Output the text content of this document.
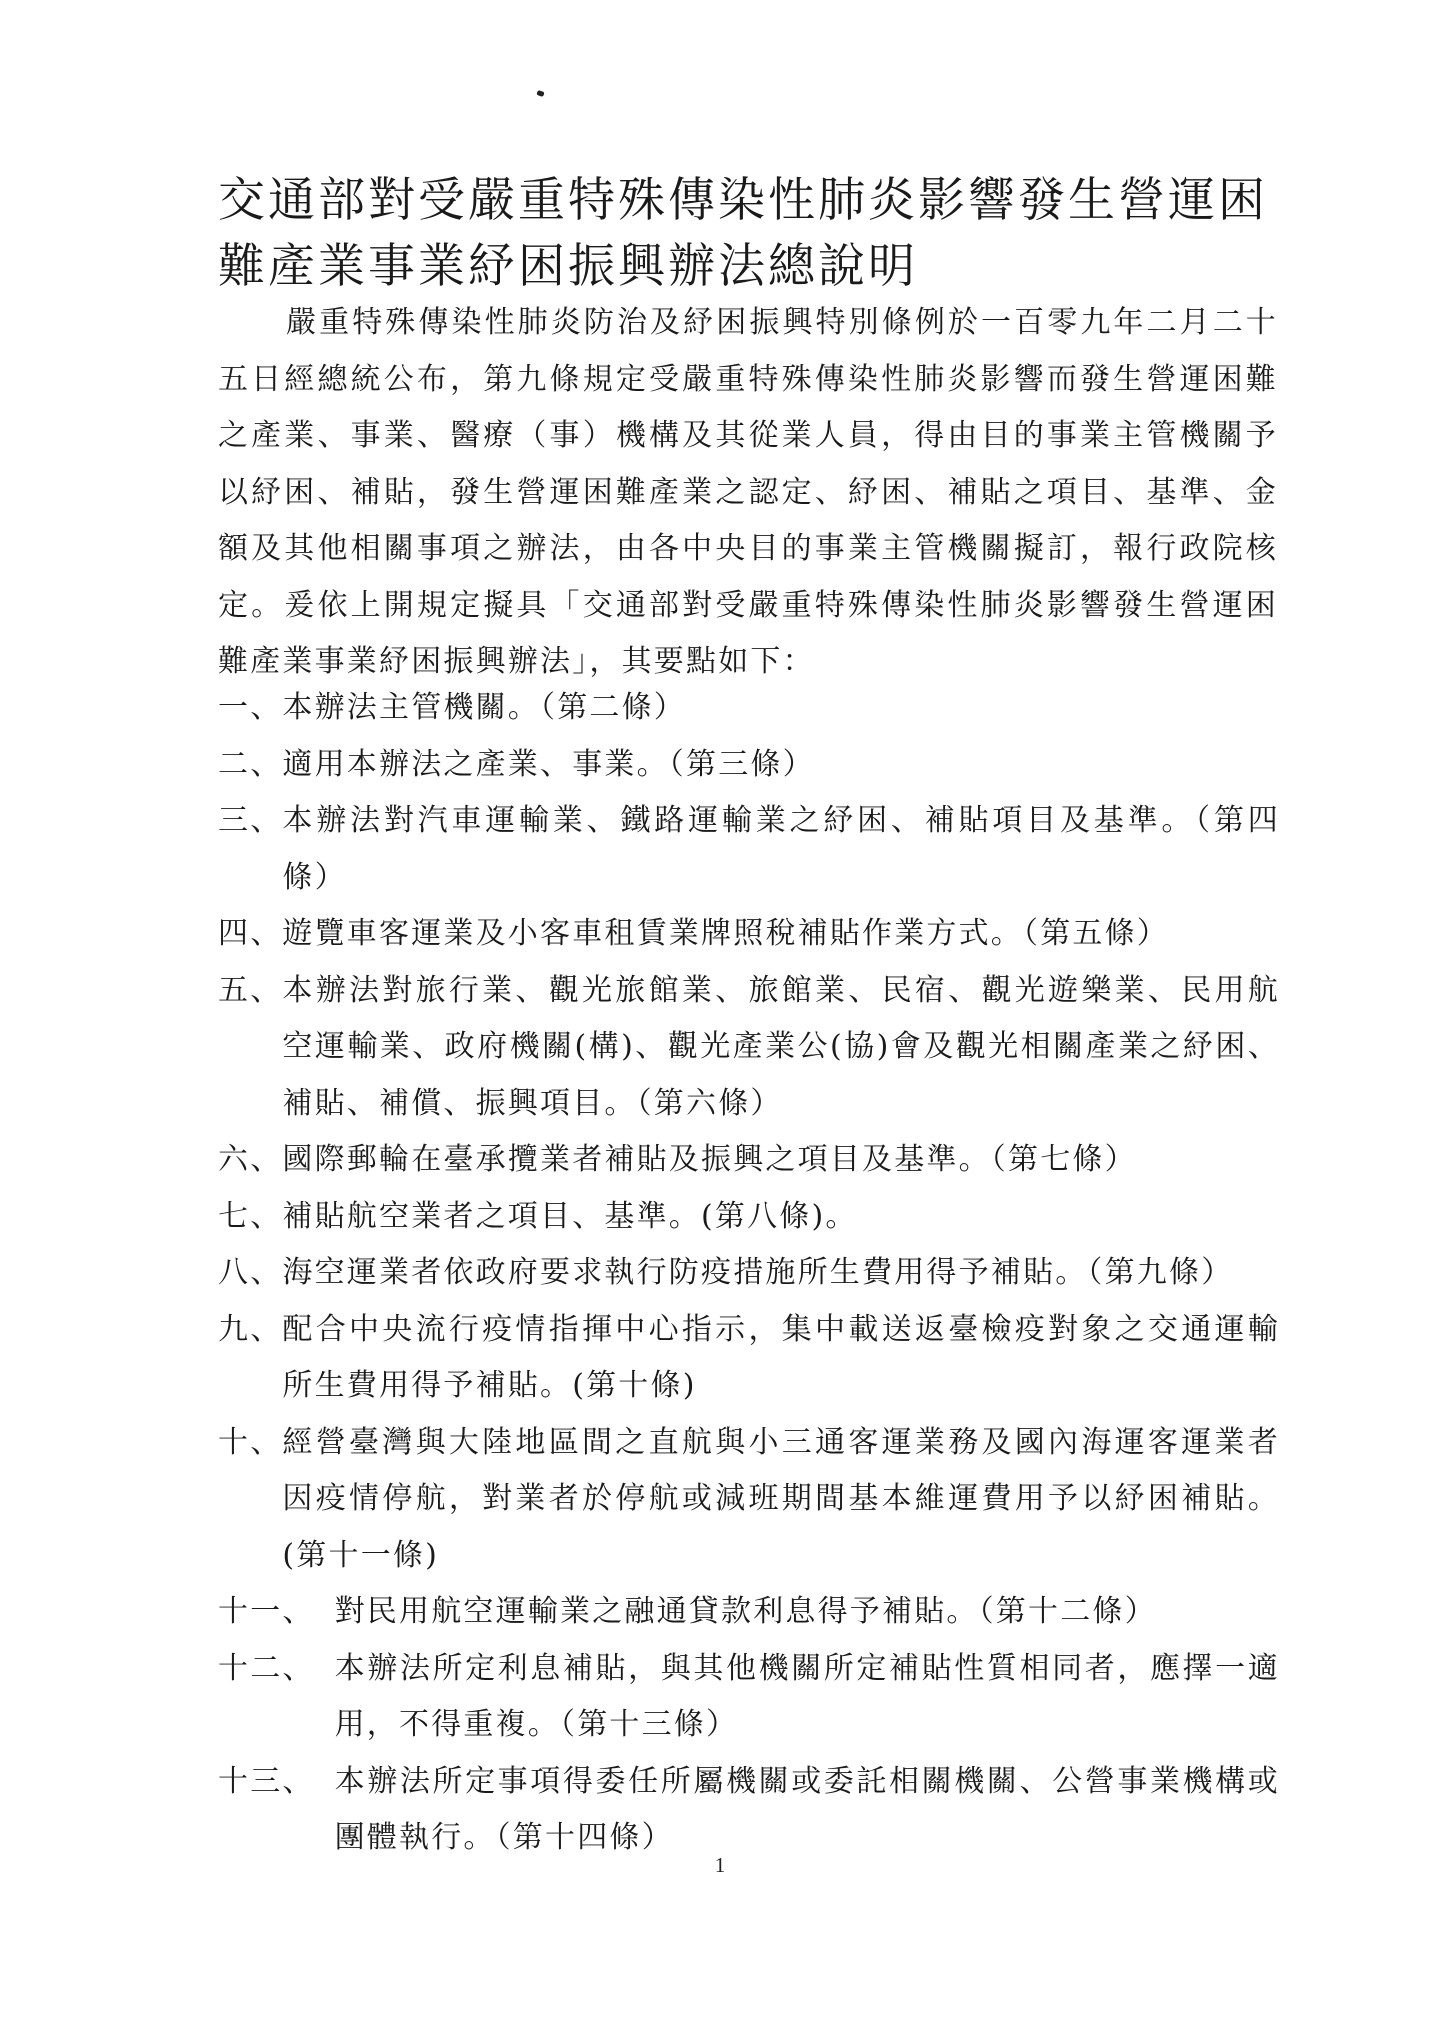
交通部對受嚴重特殊傳染性肺炎影響發生營運困難產業事業紓困振興辦法總說明

嚴重特殊傳染性肺炎防治及紓困振興特別條例於一百零九年二月二十五日經總統公布，第九條規定受嚴重特殊傳染性肺炎影響而發生營運困難之產業、事業、醫療（事）機構及其從業人員，得由目的事業主管機關予以紓困、補貼，發生營運困難產業之認定、紓困、補貼之項目、基準、金額及其他相關事項之辦法，由各中央目的事業主管機關擬訂，報行政院核定。爰依上開規定擬具「交通部對受嚴重特殊傳染性肺炎影響發生營運困難產業事業紓困振興辦法」，其要點如下：

一、 本辦法主管機關。（第二條）
二、 適用本辦法之產業、事業。（第三條）
三、 本辦法對汽車運輸業、鐵路運輸業之紓困、補貼項目及基準。（第四條）
四、 遊覽車客運業及小客車租賃業牌照稅補貼作業方式。（第五條）
五、 本辦法對旅行業、觀光旅館業、旅館業、民宿、觀光遊樂業、民用航空運輸業、政府機關(構)、觀光產業公(協)會及觀光相關產業之紓困、補貼、補償、振興項目。（第六條）
六、 國際郵輪在臺承攬業者補貼及振興之項目及基準。（第七條）
七、 補貼航空業者之項目、基準。(第八條)。
八、 海空運業者依政府要求執行防疫措施所生費用得予補貼。（第九條）
九、 配合中央流行疫情指揮中心指示，集中載送返臺檢疫對象之交通運輸所生費用得予補貼。(第十條)
十、 經營臺灣與大陸地區間之直航與小三通客運業務及國內海運客運業者因疫情停航，對業者於停航或減班期間基本維運費用予以紓困補貼。(第十一條)
十一、 對民用航空運輸業之融通貸款利息得予補貼。（第十二條）
十二、 本辦法所定利息補貼，與其他機關所定補貼性質相同者，應擇一適用，不得重複。（第十三條）
十三、 本辦法所定事項得委任所屬機關或委託相關機關、公營事業機構或團體執行。（第十四條）
1
